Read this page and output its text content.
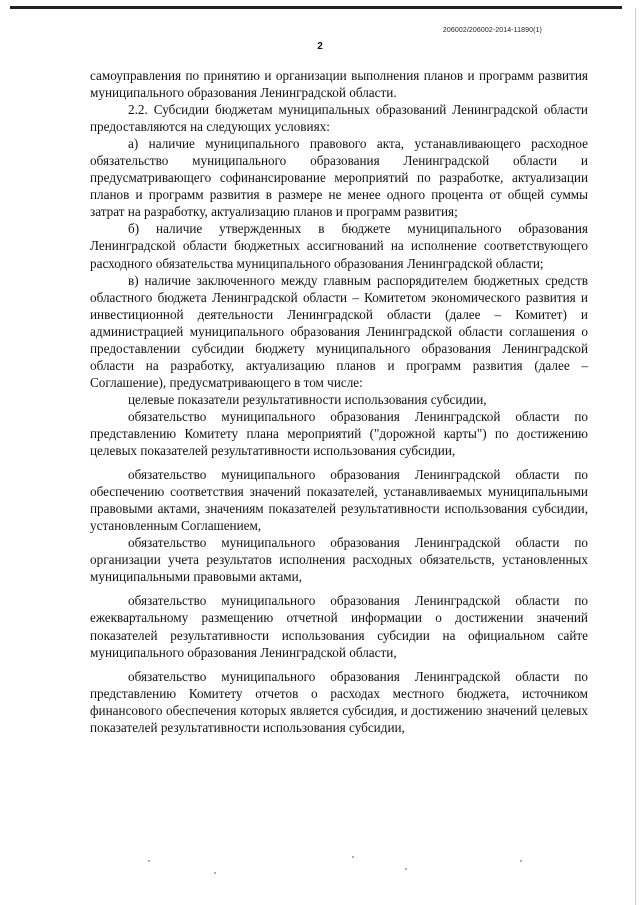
206002/206002-2014-11890(1)
2

самоуправления по принятию и организации выполнения планов и программ развития муниципального образования Ленинградской области.

2.2. Субсидии бюджетам муниципальных образований Ленинградской области предоставляются на следующих условиях:

а) наличие муниципального правового акта, устанавливающего расходное обязательство муниципального образования Ленинградской области и предусматривающего софинансирование мероприятий по разработке, актуализации планов и программ развития в размере не менее одного процента от общей суммы затрат на разработку, актуализацию планов и программ развития;

б) наличие утвержденных в бюджете муниципального образования Ленинградской области бюджетных ассигнований на исполнение соответствующего расходного обязательства муниципального образования Ленинградской области;

в) наличие заключенного между главным распорядителем бюджетных средств областного бюджета Ленинградской области – Комитетом экономического развития и инвестиционной деятельности Ленинградской области (далее – Комитет) и администрацией муниципального образования Ленинградской области соглашения о предоставлении субсидии бюджету муниципального образования Ленинградской области на разработку, актуализацию планов и программ развития (далее – Соглашение), предусматривающего в том числе:

целевые показатели результативности использования субсидии,

обязательство муниципального образования Ленинградской области по представлению Комитету плана мероприятий ("дорожной карты") по достижению целевых показателей результативности использования субсидии,

обязательство муниципального образования Ленинградской области по обеспечению соответствия значений показателей, устанавливаемых муниципальными правовыми актами, значениям показателей результативности использования субсидии, установленным Соглашением,

обязательство муниципального образования Ленинградской области по организации учета результатов исполнения расходных обязательств, установленных муниципальными правовыми актами,

обязательство муниципального образования Ленинградской области по ежеквартальному размещению отчетной информации о достижении значений показателей результативности использования субсидии на официальном сайте муниципального образования Ленинградской области,

обязательство муниципального образования Ленинградской области по представлению Комитету отчетов о расходах местного бюджета, источником финансового обеспечения которых является субсидия, и достижению значений целевых показателей результативности использования субсидии,
